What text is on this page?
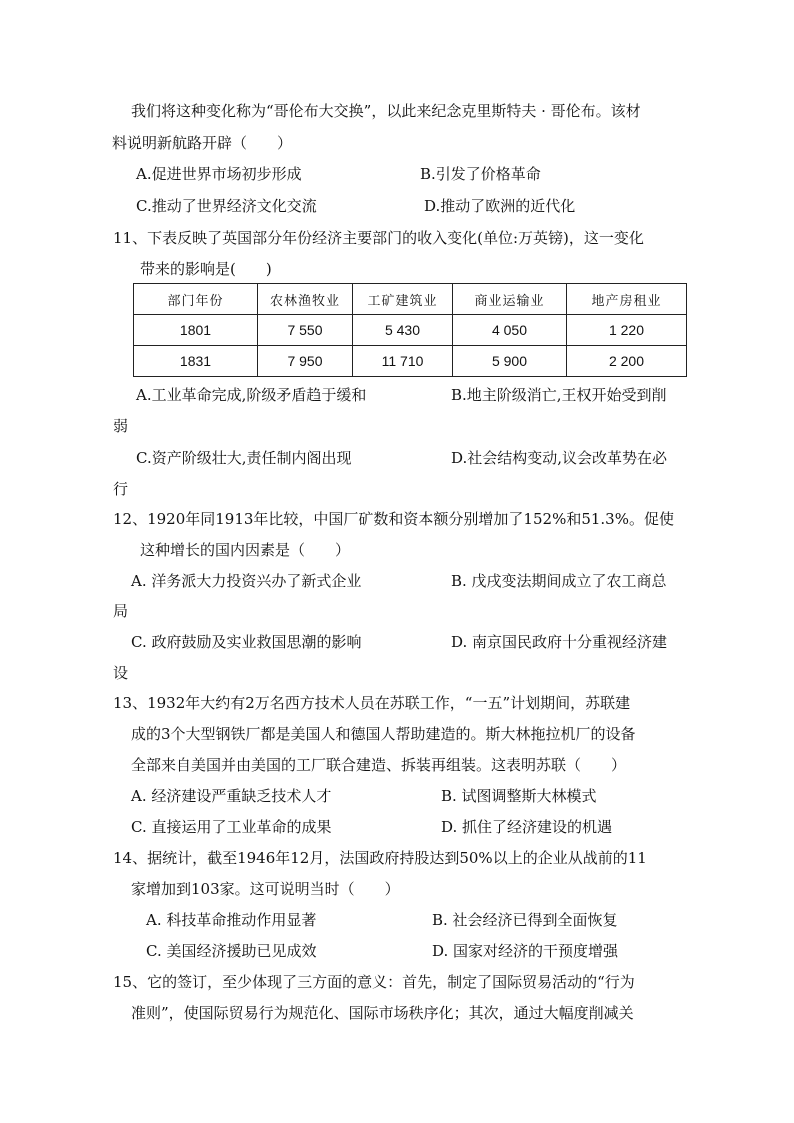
我们将这种变化称为“哥伦布大交换”，以此来纪念克里斯特夫 · 哥伦布。该材
料说明新航路开辟（　　）
A.促进世界市场初步形成	B.引发了价格革命
C.推动了世界经济文化交流	D.推动了欧洲的近代化
11、下表反映了英国部分年份经济主要部门的收入变化(单位:万英镑)，这一变化
带来的影响是(　　)
部门年份	农林渔牧业	工矿建筑业	商业运输业	地产房租业
1801	7 550	5 430	4 050	1 220
1831	7 950	11 710	5 900	2 200
A.工业革命完成,阶级矛盾趋于缓和	B.地主阶级消亡,王权开始受到削
弱
C.资产阶级壮大,责任制内阁出现	D.社会结构变动,议会改革势在必
行
12、1920年同1913年比较，中国厂矿数和资本额分别增加了152%和51.3%。促使
这种增长的国内因素是（　　）
A. 洋务派大力投资兴办了新式企业	B. 戊戌变法期间成立了农工商总
局
C. 政府鼓励及实业救国思潮的影响	D. 南京国民政府十分重视经济建
设
13、1932年大约有2万名西方技术人员在苏联工作，“一五”计划期间，苏联建
成的3个大型钢铁厂都是美国人和德国人帮助建造的。斯大林拖拉机厂的设备
全部来自美国并由美国的工厂联合建造、拆装再组装。这表明苏联（　　）
A. 经济建设严重缺乏技术人才	B. 试图调整斯大林模式
C. 直接运用了工业革命的成果	D. 抓住了经济建设的机遇
14、据统计，截至1946年12月，法国政府持股达到50%以上的企业从战前的11
家增加到103家。这可说明当时（　　）
A. 科技革命推动作用显著	B. 社会经济已得到全面恢复
C. 美国经济援助已见成效	D. 国家对经济的干预度增强
15、它的签订，至少体现了三方面的意义：首先，制定了国际贸易活动的“行为
准则”，使国际贸易行为规范化、国际市场秩序化；其次，通过大幅度削减关
